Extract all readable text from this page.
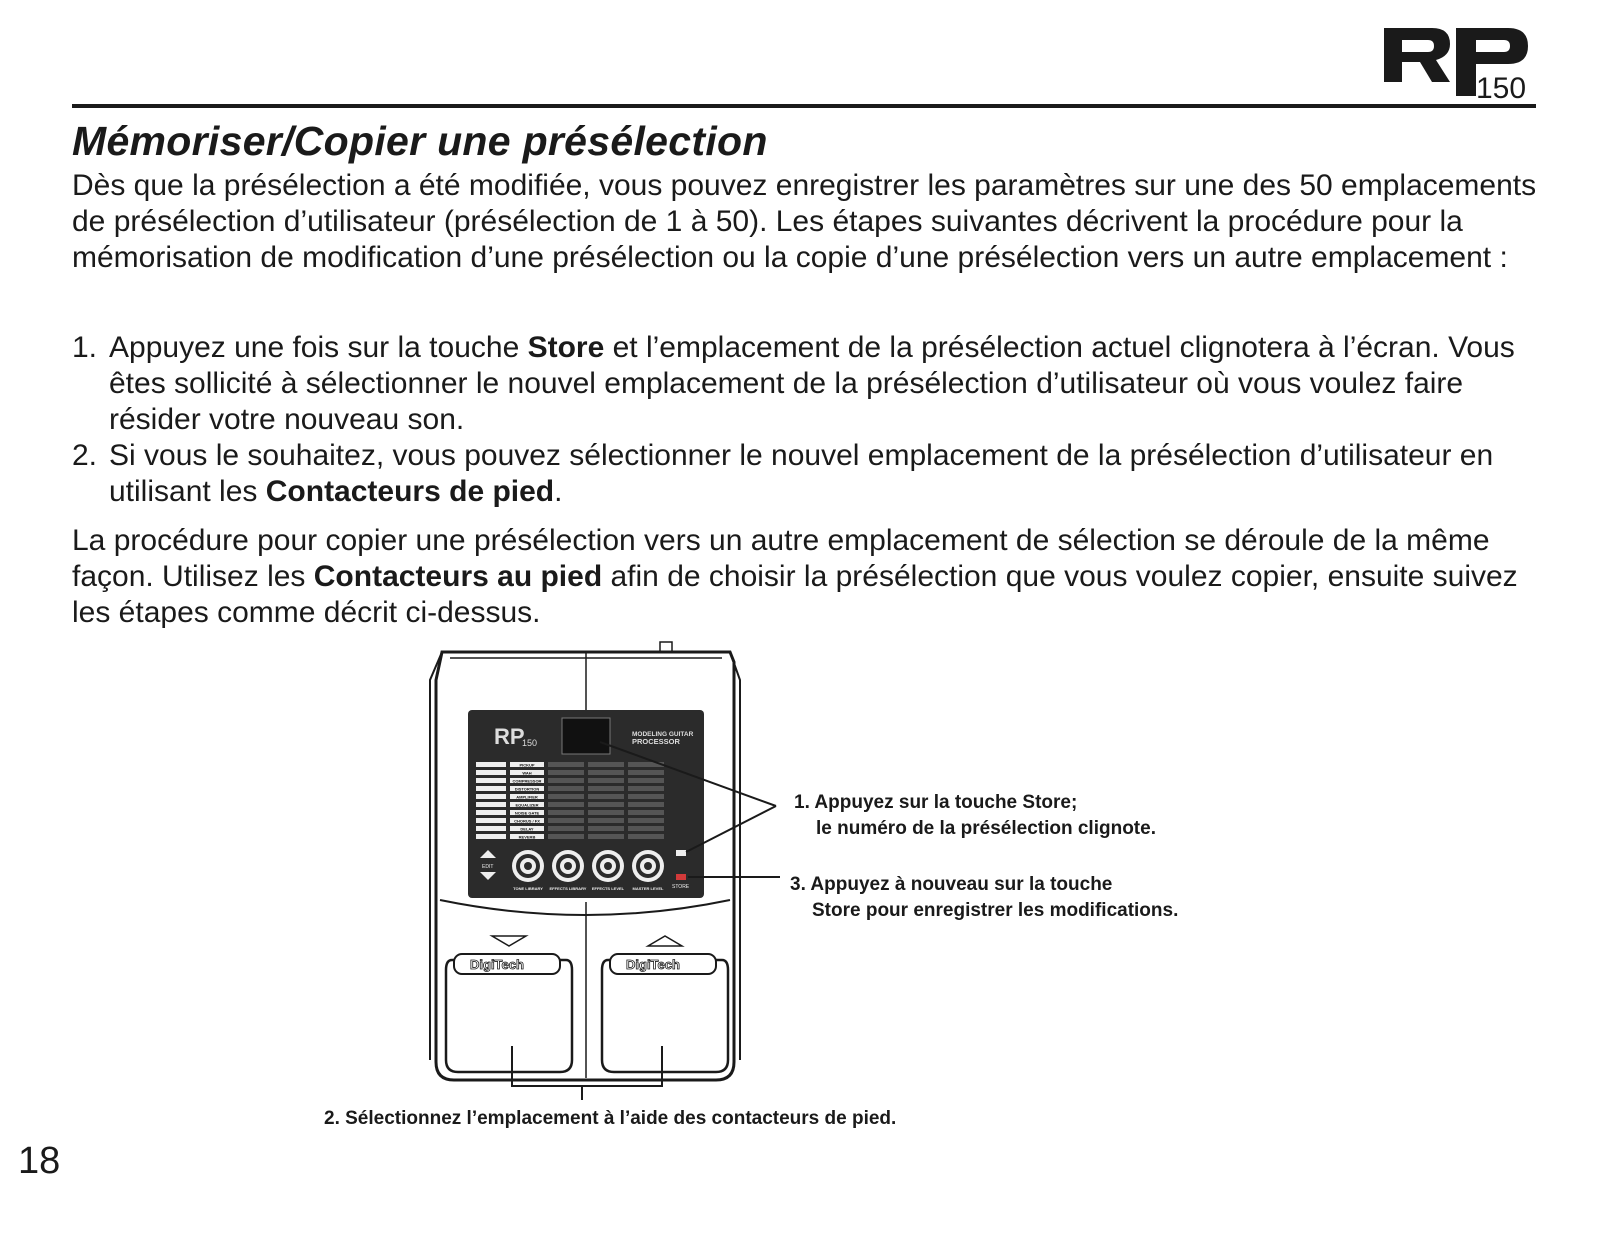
150
Mémoriser/Copier une présélection

Dès que la présélection a été modifiée, vous pouvez enregistrer les paramètres sur une des 50 emplacements de présélection d’utilisateur (présélection de 1 à 50). Les étapes suivantes décrivent la procédure pour la mémorisation de modification d’une présélection ou la copie d’une présélection vers un autre emplacement :

1. Appuyez une fois sur la touche Store et l’emplacement de la présélection actuel clignotera à l’écran. Vous êtes sollicité à sélectionner le nouvel emplacement de la présélection d’utilisateur où vous voulez faire résider votre nouveau son.
2. Si vous le souhaitez, vous pouvez sélectionner le nouvel emplacement de la présélection d’utilisateur en utilisant les Contacteurs de pied.

La procédure pour copier une présélection vers un autre emplacement de sélection se déroule de la même façon. Utilisez les Contacteurs au pied afin de choisir la présélection que vous voulez copier, ensuite suivez les étapes comme décrit ci-dessus.

RP
150
MODELING GUITAR
PROCESSOR
PICKUP
WAH
COMPRESSOR
DISTORTION
AMPLIFIER
EQUALIZER
NOISE GATE
CHORUS / FX
DELAY
REVERB
TONE LIBRARY EFFECTS LIBRARY EFFECTS LEVEL MASTER LEVEL
EDIT
STORE
DigiTech	DigiTech
1. Appuyez sur la touche Store;
le numéro de la présélection clignote.
3. Appuyez à nouveau sur la touche
Store pour enregistrer les modifications.
2. Sélectionnez l’emplacement à l’aide des contacteurs de pied.

18
